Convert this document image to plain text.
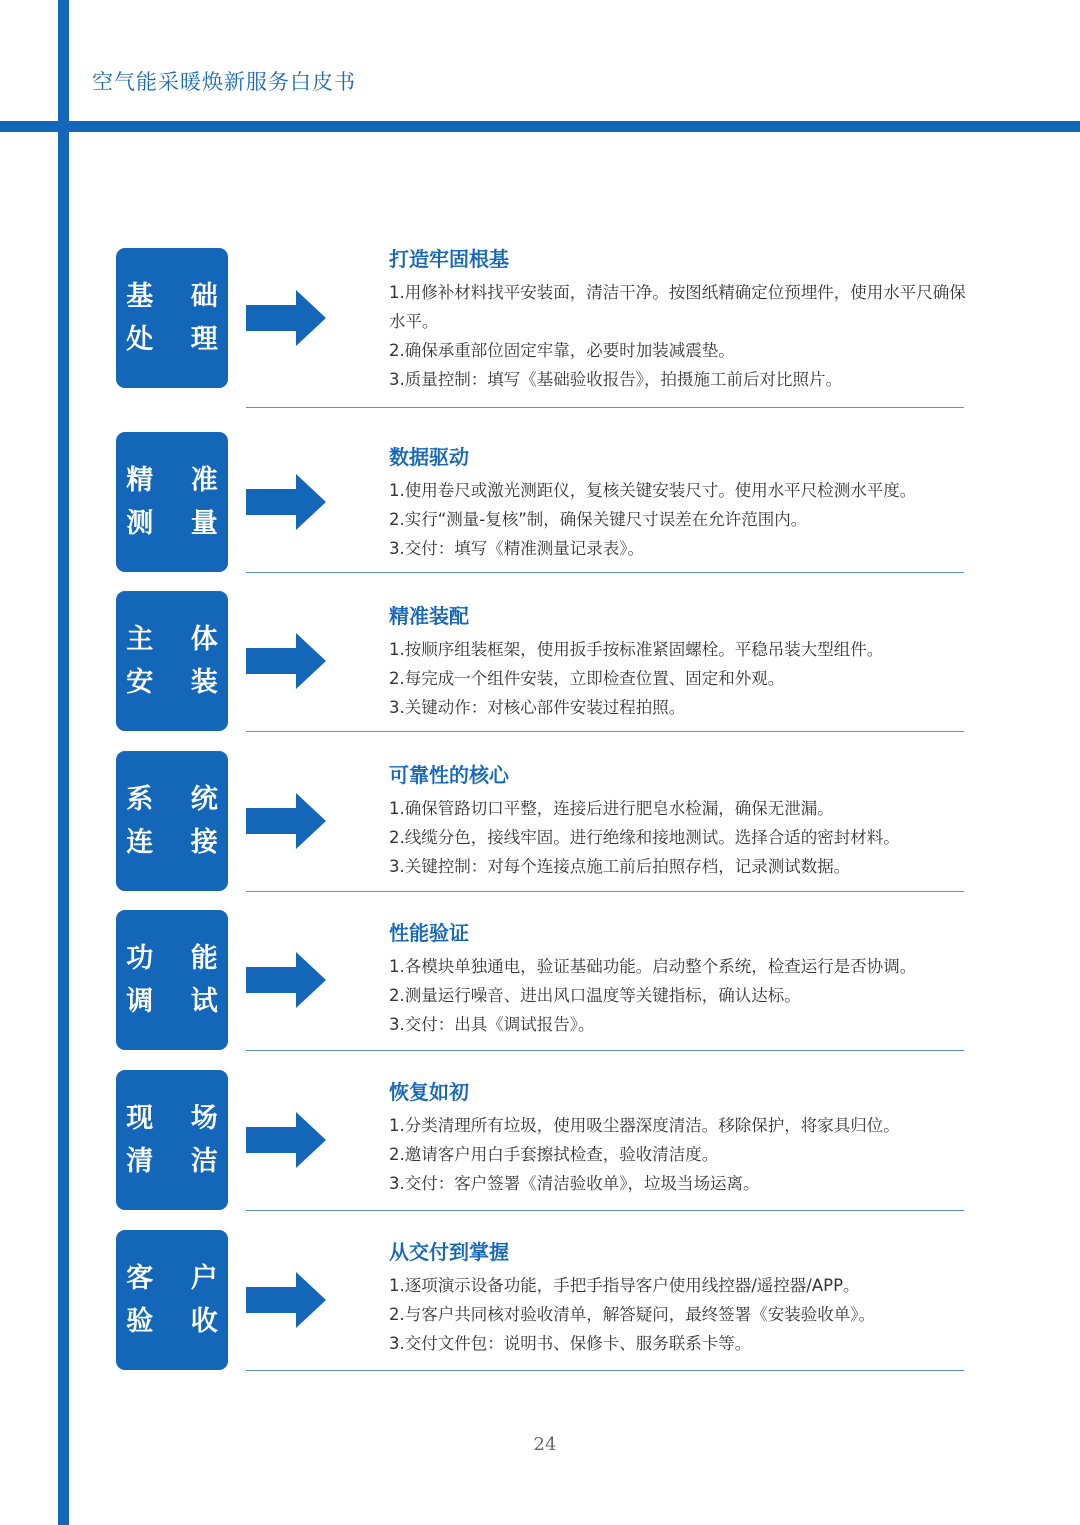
空气能采暖焕新服务白皮书
基 础
处 理
打造牢固根基
1.用修补材料找平安装面，清洁干净。按图纸精确定位预埋件，使用水平尺确保水平。
2.确保承重部位固定牢靠，必要时加装减震垫。
3.质量控制：填写《基础验收报告》，拍摄施工前后对比照片。
精 准
测 量
数据驱动
1.使用卷尺或激光测距仪，复核关键安装尺寸。使用水平尺检测水平度。
2.实行“测量-复核”制，确保关键尺寸误差在允许范围内。
3.交付：填写《精准测量记录表》。
主 体
安 装
精准装配
1.按顺序组装框架，使用扳手按标准紧固螺栓。平稳吊装大型组件。
2.每完成一个组件安装，立即检查位置、固定和外观。
3.关键动作：对核心部件安装过程拍照。
系 统
连 接
可靠性的核心
1.确保管路切口平整，连接后进行肥皂水检漏，确保无泄漏。
2.线缆分色，接线牢固。进行绝缘和接地测试。选择合适的密封材料。
3.关键控制：对每个连接点施工前后拍照存档，记录测试数据。
功 能
调 试
性能验证
1.各模块单独通电，验证基础功能。启动整个系统，检查运行是否协调。
2.测量运行噪音、进出风口温度等关键指标，确认达标。
3.交付：出具《调试报告》。
现 场
清 洁
恢复如初
1.分类清理所有垃圾，使用吸尘器深度清洁。移除保护，将家具归位。
2.邀请客户用白手套擦拭检查，验收清洁度。
3.交付：客户签署《清洁验收单》，垃圾当场运离。
客 户
验 收
从交付到掌握
1.逐项演示设备功能，手把手指导客户使用线控器/遥控器/APP。
2.与客户共同核对验收清单，解答疑问，最终签署《安装验收单》。
3.交付文件包：说明书、保修卡、服务联系卡等。
24
